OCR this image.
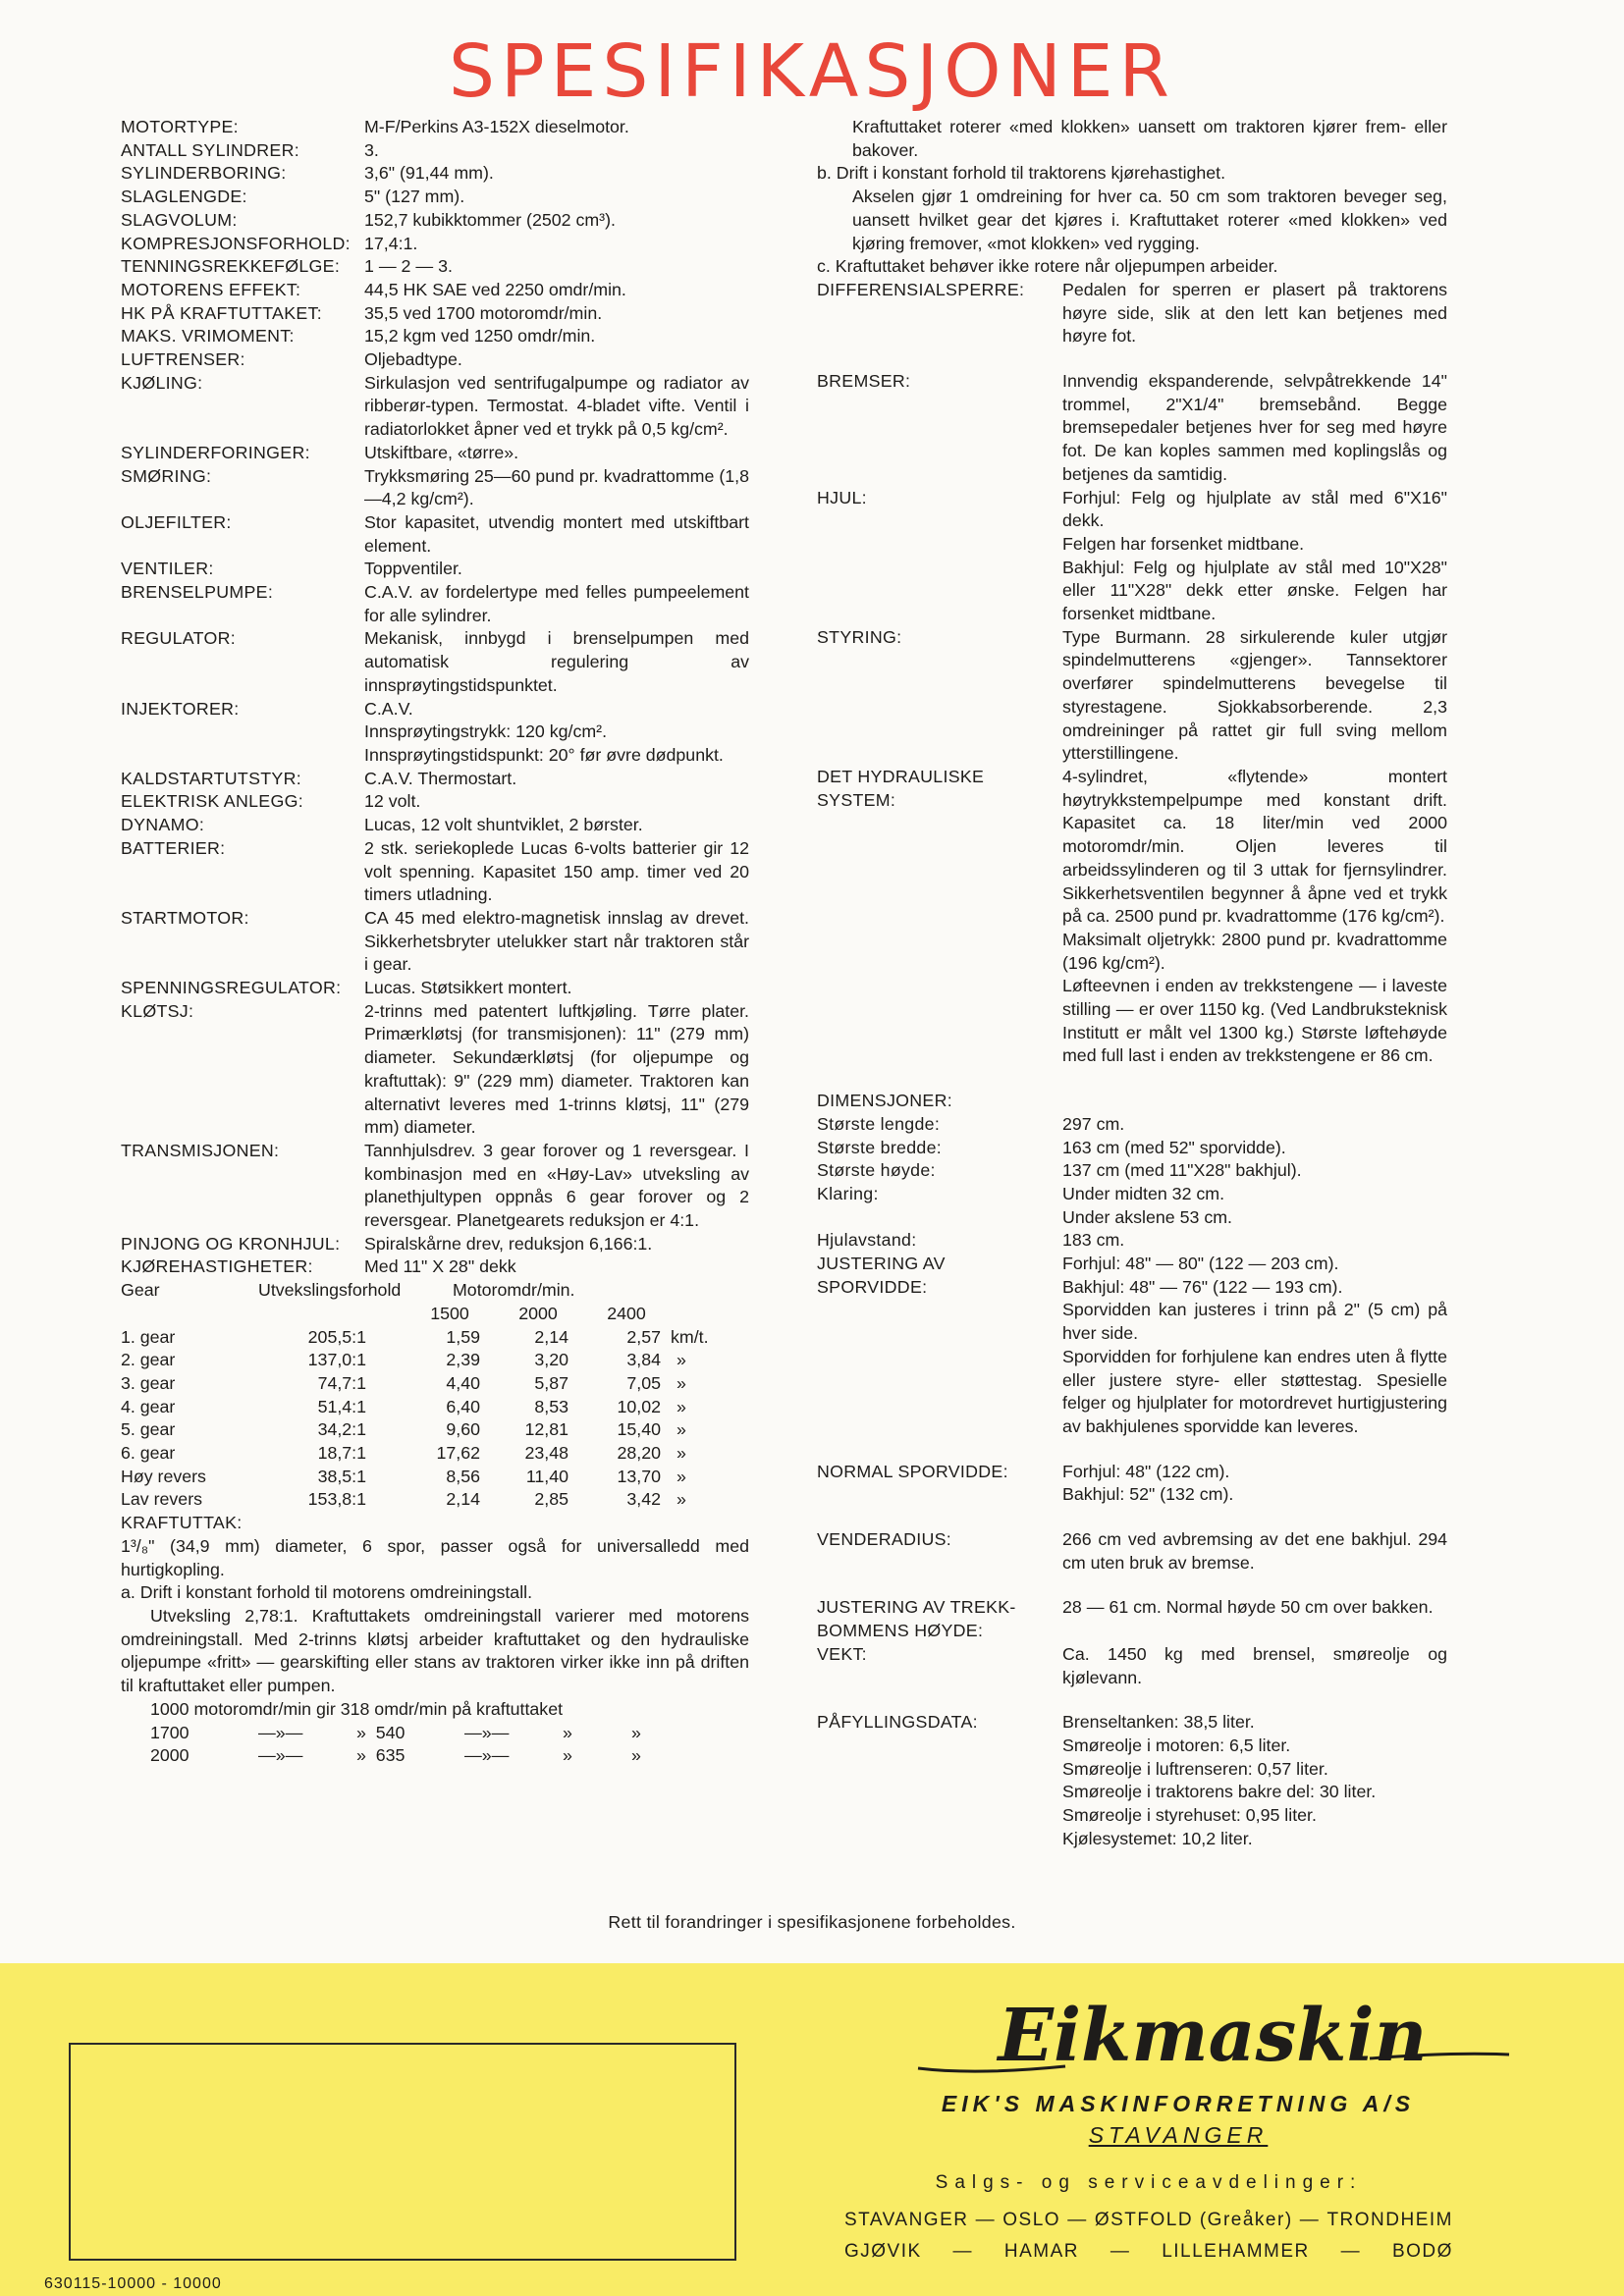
SPESIFIKASJONER
MOTORTYPE:	M-F/Perkins A3-152X dieselmotor.
ANTALL SYLINDRER:	3.
SYLINDERBORING:	3,6" (91,44 mm).
SLAGLENGDE:	5" (127 mm).
SLAGVOLUM:	152,7 kubikktommer (2502 cm³).
KOMPRESJONSFORHOLD: 17,4:1.
TENNINGSREKKEFØLGE:	1 — 2 — 3.
MOTORENS EFFEKT:	44,5 HK SAE ved 2250 omdr/min.
HK PÅ KRAFTUTTAKET:	35,5 ved 1700 motoromdr/min.
MAKS. VRIMOMENT:	15,2 kgm ved 1250 omdr/min.
LUFTRENSER:	Oljebadtype.
KJØLING:	Sirkulasjon ved sentrifugalpumpe og radiator av ribberør-typen. Termostat. 4-bladet vifte. Ventil i radiatorlokket åpner ved et trykk på 0,5 kg/cm².
SYLINDERFORINGER:	Utskiftbare, «tørre».
SMØRING:	Trykksmøring 25—60 pund pr. kvadrattomme (1,8—4,2 kg/cm²).
OLJEFILTER:	Stor kapasitet, utvendig montert med utskiftbart element.
VENTILER:	Toppventiler.
BRENSELPUMPE:	C.A.V. av fordelertype med felles pumpeelement for alle sylindrer.
REGULATOR:	Mekanisk, innbygd i brenselpumpen med automatisk regulering av innsprøytingstidspunktet.
INJEKTORER:	C.A.V.
Innsprøytingstrykk: 120 kg/cm².
Innsprøytingstidspunkt: 20° før øvre dødpunkt.
KALDSTARTUTSTYR:	C.A.V. Thermostart.
ELEKTRISK ANLEGG:	12 volt.
DYNAMO:	Lucas, 12 volt shuntviklet, 2 børster.
BATTERIER:	2 stk. seriekoplede Lucas 6-volts batterier gir 12 volt spenning. Kapasitet 150 amp. timer ved 20 timers utladning.
STARTMOTOR:	CA 45 med elektro-magnetisk innslag av drevet. Sikkerhetsbryter utelukker start når traktoren står i gear.
SPENNINGSREGULATOR:	Lucas. Støtsikkert montert.
KLØTSJ:	2-trinns med patentert luftkjøling. Tørre plater. Primærkløtsj (for transmisjonen): 11" (279 mm) diameter. Sekundærkløtsj (for oljepumpe og kraftuttak): 9" (229 mm) diameter. Traktoren kan alternativt leveres med 1-trinns kløtsj, 11" (279 mm) diameter.
TRANSMISJONEN:	Tannhjulsdrev. 3 gear forover og 1 reversgear. I kombinasjon med en «Høy-Lav» utveksling av planethjultypen oppnås 6 gear forover og 2 reversgear. Planetgearets reduksjon er 4:1.
PINJONG OG KRONHJUL:	Spiralskårne drev, reduksjon 6,166:1.
KJØREHASTIGHETER:	Med 11" X 28" dekk
Gear	Utvekslingsforhold	Motoromdr/min.			
		1500	2000	2400	
1. gear	205,5:1	1,59	2,14	2,57	km/t.
2. gear	137,0:1	2,39	3,20	3,84	»
3. gear	74,7:1	4,40	5,87	7,05	»
4. gear	51,4:1	6,40	8,53	10,02	»
5. gear	34,2:1	9,60	12,81	15,40	»
6. gear	18,7:1	17,62	23,48	28,20	»
Høy revers	38,5:1	8,56	11,40	13,70	»
Lav revers	153,8:1	2,14	2,85	3,42	»
KRAFTUTTAK:
1³/₈" (34,9 mm) diameter, 6 spor, passer også for universalledd med hurtigkopling.
a. Drift i konstant forhold til motorens omdreiningstall.
Utveksling 2,78:1. Kraftuttakets omdreiningstall varierer med motorens omdreiningstall. Med 2-trinns kløtsj arbeider kraftuttaket og den hydrauliske oljepumpe «fritt» — gearskifting eller stans av traktoren virker ikke inn på driften til kraftuttaket eller pumpen.
1000 motoromdr/min gir 318 omdr/min på kraftuttaket
1700	—»—	»  540	—»—	»	»
2000	—»—	»  635	—»—	»	»
Kraftuttaket roterer «med klokken» uansett om traktoren kjører frem- eller bakover.
b. Drift i konstant forhold til traktorens kjørehastighet.
Akselen gjør 1 omdreining for hver ca. 50 cm som traktoren beveger seg, uansett hvilket gear det kjøres i. Kraftuttaket roterer «med klokken» ved kjøring fremover, «mot klokken» ved rygging.
c. Kraftuttaket behøver ikke rotere når oljepumpen arbeider.
DIFFERENSIALSPERRE:	Pedalen for sperren er plasert på traktorens høyre side, slik at den lett kan betjenes med høyre fot.
BREMSER:	Innvendig ekspanderende, selvpåtrekkende 14" trommel, 2"X1/4" bremsebånd. Begge bremsepedaler betjenes hver for seg med høyre fot. De kan koples sammen med koplingslås og betjenes da samtidig.
HJUL:	Forhjul: Felg og hjulplate av stål med 6"X16" dekk.
Felgen har forsenket midtbane.
Bakhjul: Felg og hjulplate av stål med 10"X28" eller 11"X28" dekk etter ønske. Felgen har forsenket midtbane.
STYRING:	Type Burmann. 28 sirkulerende kuler utgjør spindelmutterens «gjenger». Tannsektorer overfører spindelmutterens bevegelse til styrestagene. Sjokkabsorberende. 2,3 omdreininger på rattet gir full sving mellom ytterstillingene.
DET HYDRAULISKE
SYSTEM:
4-sylindret, «flytende» montert høytrykkstempelpumpe med konstant drift. Kapasitet ca. 18 liter/min ved 2000 motoromdr/min. Oljen leveres til arbeidssylinderen og til 3 uttak for fjernsylindrer. Sikkerhetsventilen begynner å åpne ved et trykk på ca. 2500 pund pr. kvadrattomme (176 kg/cm²).
Maksimalt oljetrykk: 2800 pund pr. kvadrattomme (196 kg/cm²).
Løfteevnen i enden av trekkstengene — i laveste stilling — er over 1150 kg. (Ved Landbruksteknisk Institutt er målt vel 1300 kg.) Største løftehøyde med full last i enden av trekkstengene er 86 cm.
DIMENSJONER:
Største lengde:	297 cm.
Største bredde:	163 cm (med 52" sporvidde).
Største høyde:	137 cm (med 11"X28" bakhjul).
Klaring:	Under midten 32 cm.
Under akslene 53 cm.
Hjulavstand:	183 cm.
JUSTERING AV
SPORVIDDE:
Forhjul: 48" — 80" (122 — 203 cm).
Bakhjul: 48" — 76" (122 — 193 cm).
Sporvidden kan justeres i trinn på 2" (5 cm) på hver side.
Sporvidden for forhjulene kan endres uten å flytte eller justere styre- eller støttestag. Spesielle felger og hjulplater for motordrevet hurtigjustering av bakhjulenes sporvidde kan leveres.
NORMAL SPORVIDDE:	Forhjul: 48" (122 cm).
Bakhjul: 52" (132 cm).
VENDERADIUS:	266 cm ved avbremsing av det ene bakhjul. 294 cm uten bruk av bremse.
JUSTERING AV TREKK-
BOMMENS HØYDE:
28 — 61 cm. Normal høyde 50 cm over bakken.
VEKT:	Ca. 1450 kg med brensel, smøreolje og kjølevann.
PÅFYLLINGSDATA:	Brenseltanken: 38,5 liter.
Smøreolje i motoren: 6,5 liter.
Smøreolje i luftrenseren: 0,57 liter.
Smøreolje i traktorens bakre del: 30 liter.
Smøreolje i styrehuset: 0,95 liter.
Kjølesystemet: 10,2 liter.
Rett til forandringer i spesifikasjonene forbeholdes.
Eikmaskin
EIK'S MASKINFORRETNING A/S
STAVANGER
Salgs- og serviceavdelinger:
STAVANGER — OSLO — ØSTFOLD (Greåker) — TRONDHEIM
GJØVIK — HAMAR — LILLEHAMMER — BODØ
630115-10000 - 10000
